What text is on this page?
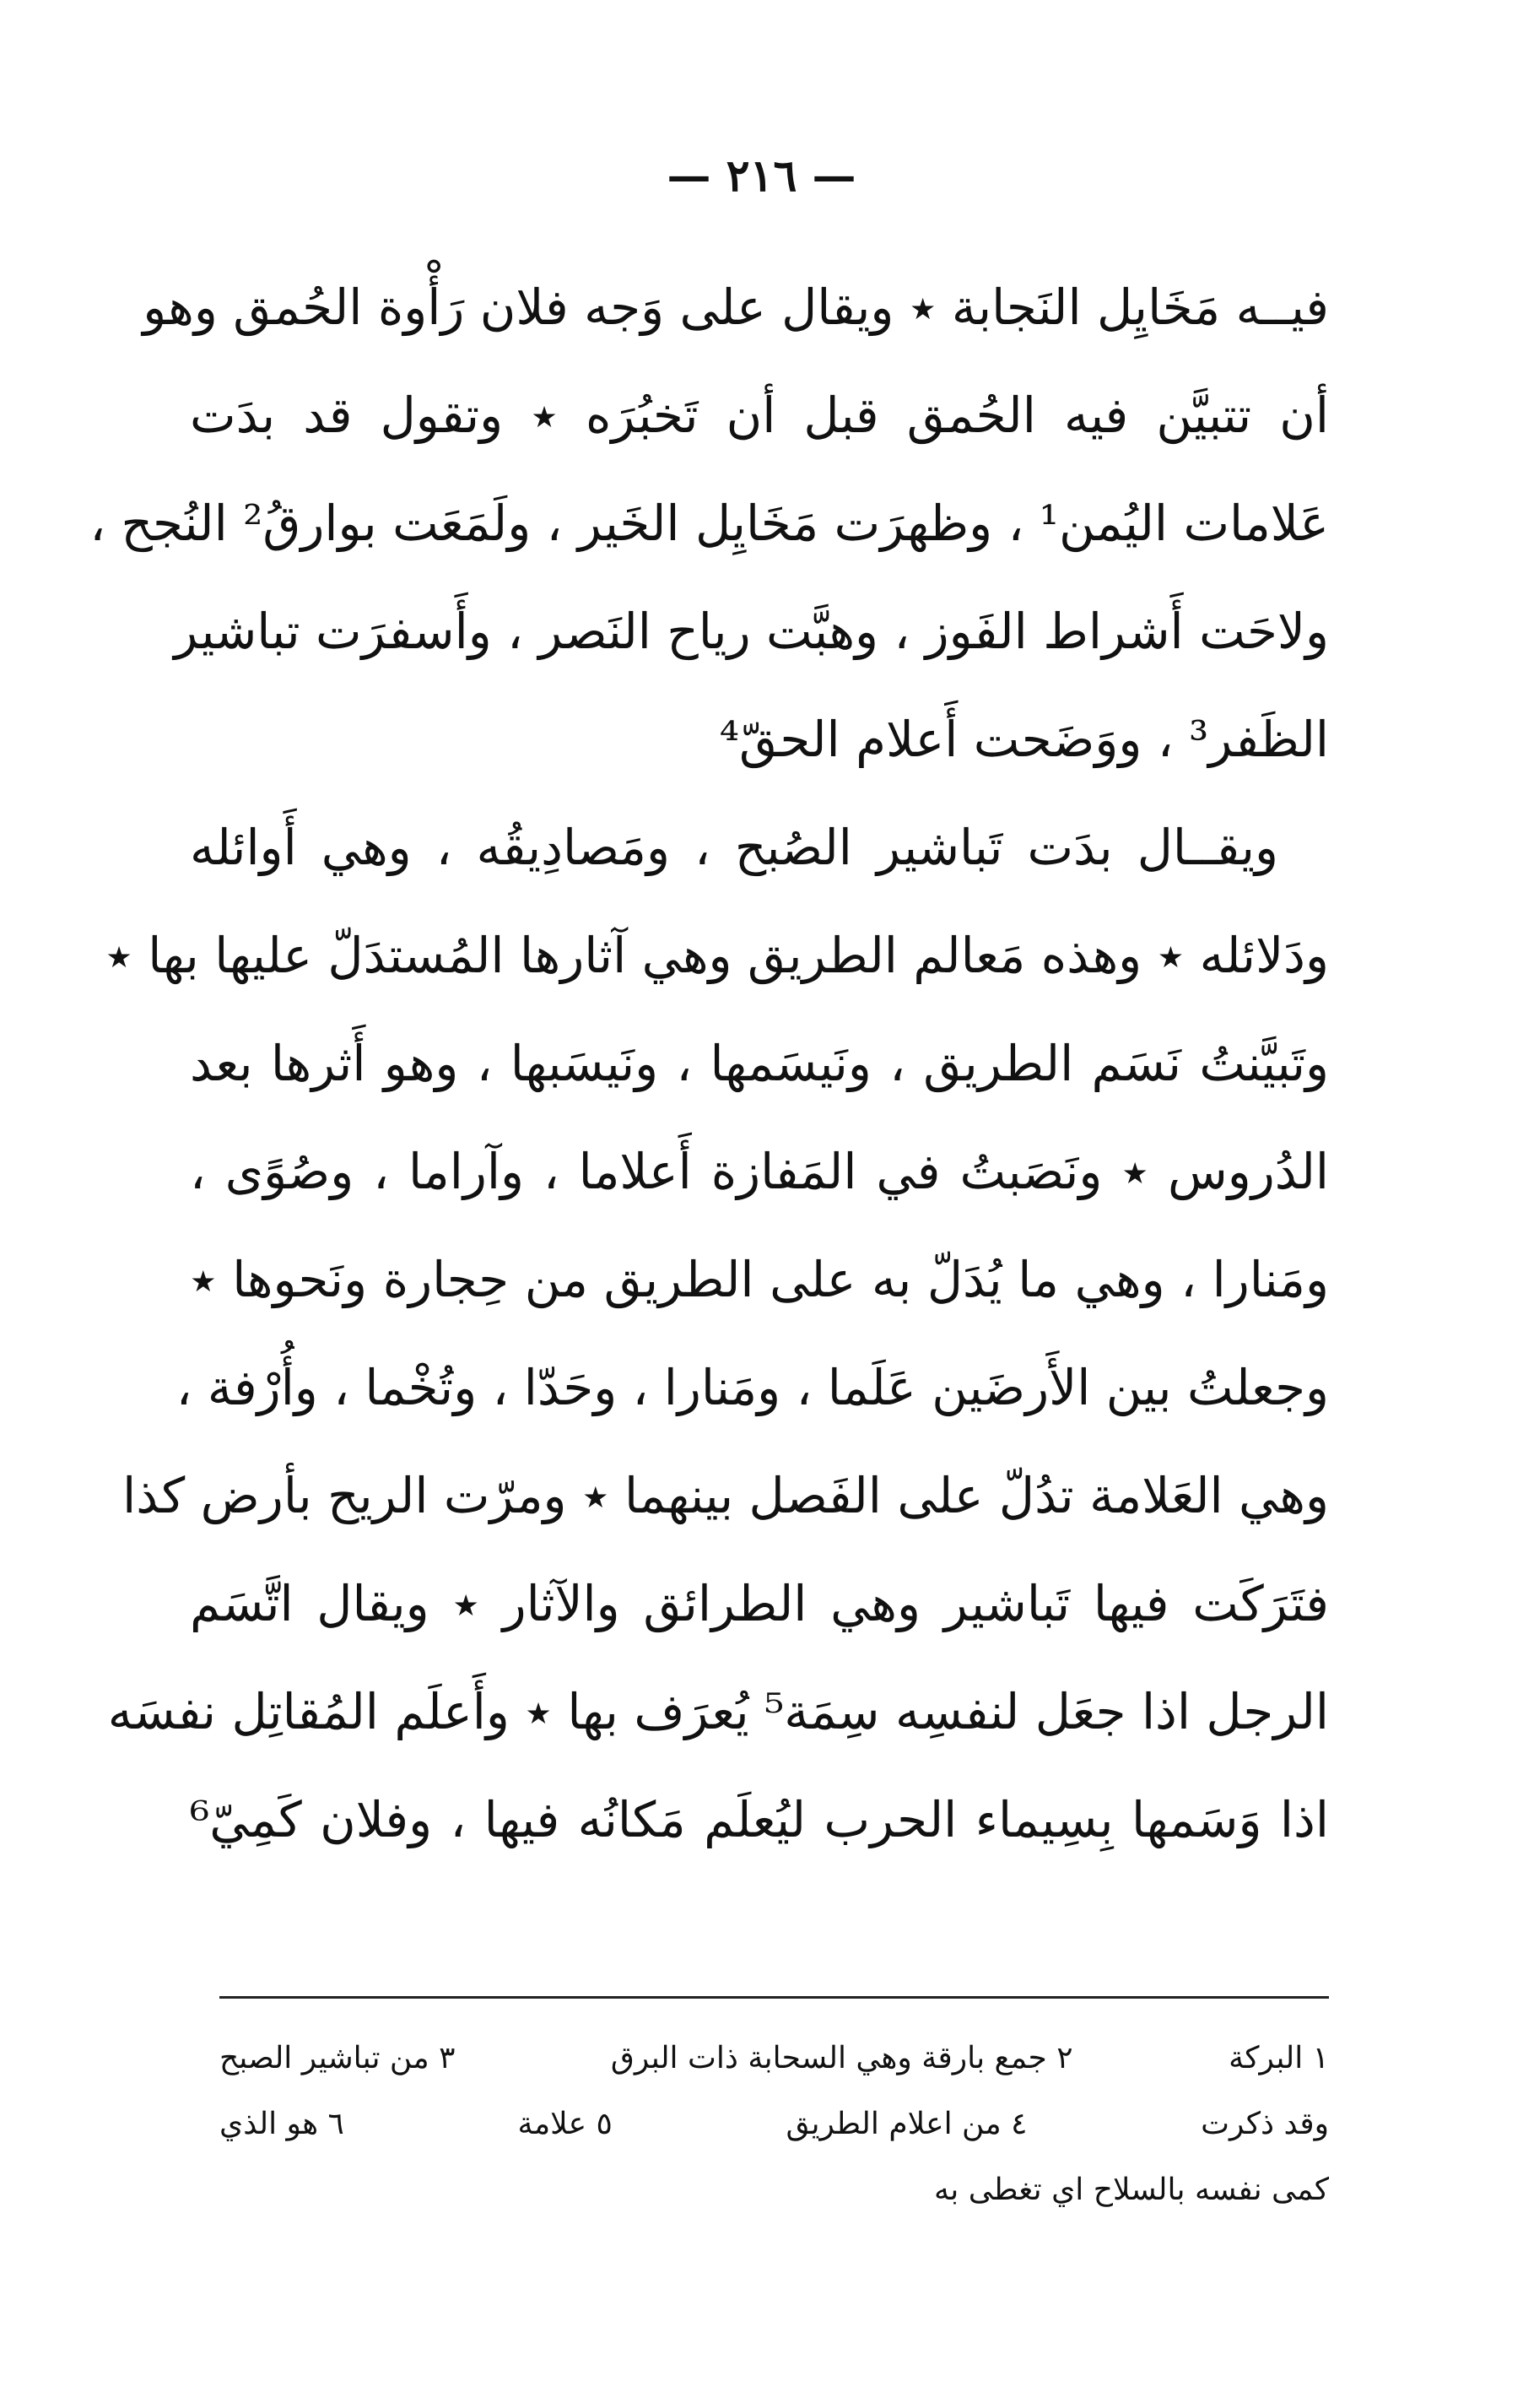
— ٢١٦ —
فيــه مَخَايِل النَجابة ٭ ويقال على وَجه فلان رَأْوة الحُمق وهو
أن تتبيَّن فيه الحُمق قبل أن تَخبُرَه ٭ وتقول قد بدَت
عَلامات اليُمن¹ ، وظهرَت مَخَايِل الخَير ، ولَمَعَت بوارقُ² النُجح ،
ولاحَت أَشراط الفَوز ، وهبَّت رياح النَصر ، وأَسفرَت تباشير
الظَفر³ ، ووَضَحت أَعلام الحقّ⁴
ويقــال بدَت تَباشير الصُبح ، ومَصادِيقُه ، وهي أَوائله
ودَلائله ٭ وهذه مَعالم الطريق وهي آثارها المُستدَلّ عليها بها ٭
وتَبيَّنتُ نَسَم الطريق ، ونَيسَمها ، ونَيسَبها ، وهو أَثرها بعد
الدُروس ٭ ونَصَبتُ في المَفازة أَعلاما ، وآراما ، وصُوًى ،
ومَنارا ، وهي ما يُدَلّ به على الطريق من حِجارة ونَحوها ٭
وجعلتُ بين الأَرضَين عَلَما ، ومَنارا ، وحَدّا ، وتُخْما ، وأُرْفة ،
وهي العَلامة تدُلّ على الفَصل بينهما ٭ ومرّت الريح بأرض كذا
فتَرَكَت فيها تَباشير وهي الطرائق والآثار ٭ ويقال اتَّسَم
الرجل اذا جعَل لنفسِه سِمَة⁵ يُعرَف بها ٭ وأَعلَم المُقاتِل نفسَه
اذا وَسَمها بِسِيماء الحرب ليُعلَم مَكانُه فيها ، وفلان كَمِيّ⁶
١ البركة
٢ جمع بارقة وهي السحابة ذات البرق
٣ من تباشير الصبح
وقد ذكرت
٤ من اعلام الطريق
٥ علامة
٦ هو الذي
كمى نفسه بالسلاح اي تغطى به
